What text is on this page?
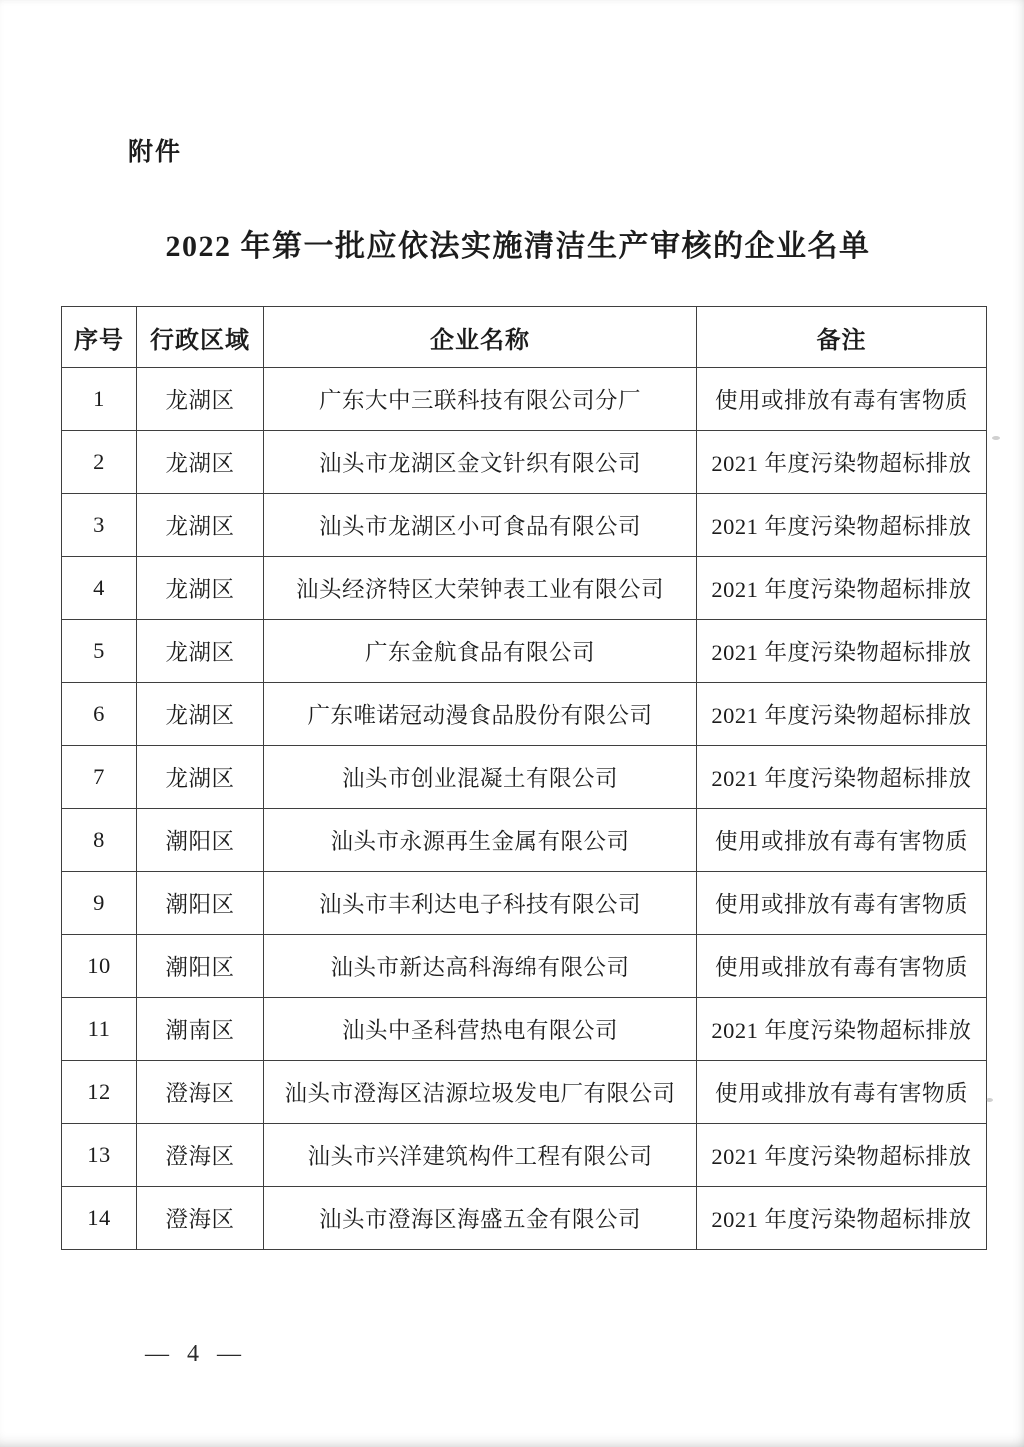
附件
2022 年第一批应依法实施清洁生产审核的企业名单
序号	行政区域	企业名称	备注
1	龙湖区	广东大中三联科技有限公司分厂	使用或排放有毒有害物质
2	龙湖区	汕头市龙湖区金文针织有限公司	2021 年度污染物超标排放
3	龙湖区	汕头市龙湖区小可食品有限公司	2021 年度污染物超标排放
4	龙湖区	汕头经济特区大荣钟表工业有限公司	2021 年度污染物超标排放
5	龙湖区	广东金航食品有限公司	2021 年度污染物超标排放
6	龙湖区	广东唯诺冠动漫食品股份有限公司	2021 年度污染物超标排放
7	龙湖区	汕头市创业混凝土有限公司	2021 年度污染物超标排放
8	潮阳区	汕头市永源再生金属有限公司	使用或排放有毒有害物质
9	潮阳区	汕头市丰利达电子科技有限公司	使用或排放有毒有害物质
10	潮阳区	汕头市新达高科海绵有限公司	使用或排放有毒有害物质
11	潮南区	汕头中圣科营热电有限公司	2021 年度污染物超标排放
12	澄海区	汕头市澄海区洁源垃圾发电厂有限公司	使用或排放有毒有害物质
13	澄海区	汕头市兴洋建筑构件工程有限公司	2021 年度污染物超标排放
14	澄海区	汕头市澄海区海盛五金有限公司	2021 年度污染物超标排放
— 4 —
